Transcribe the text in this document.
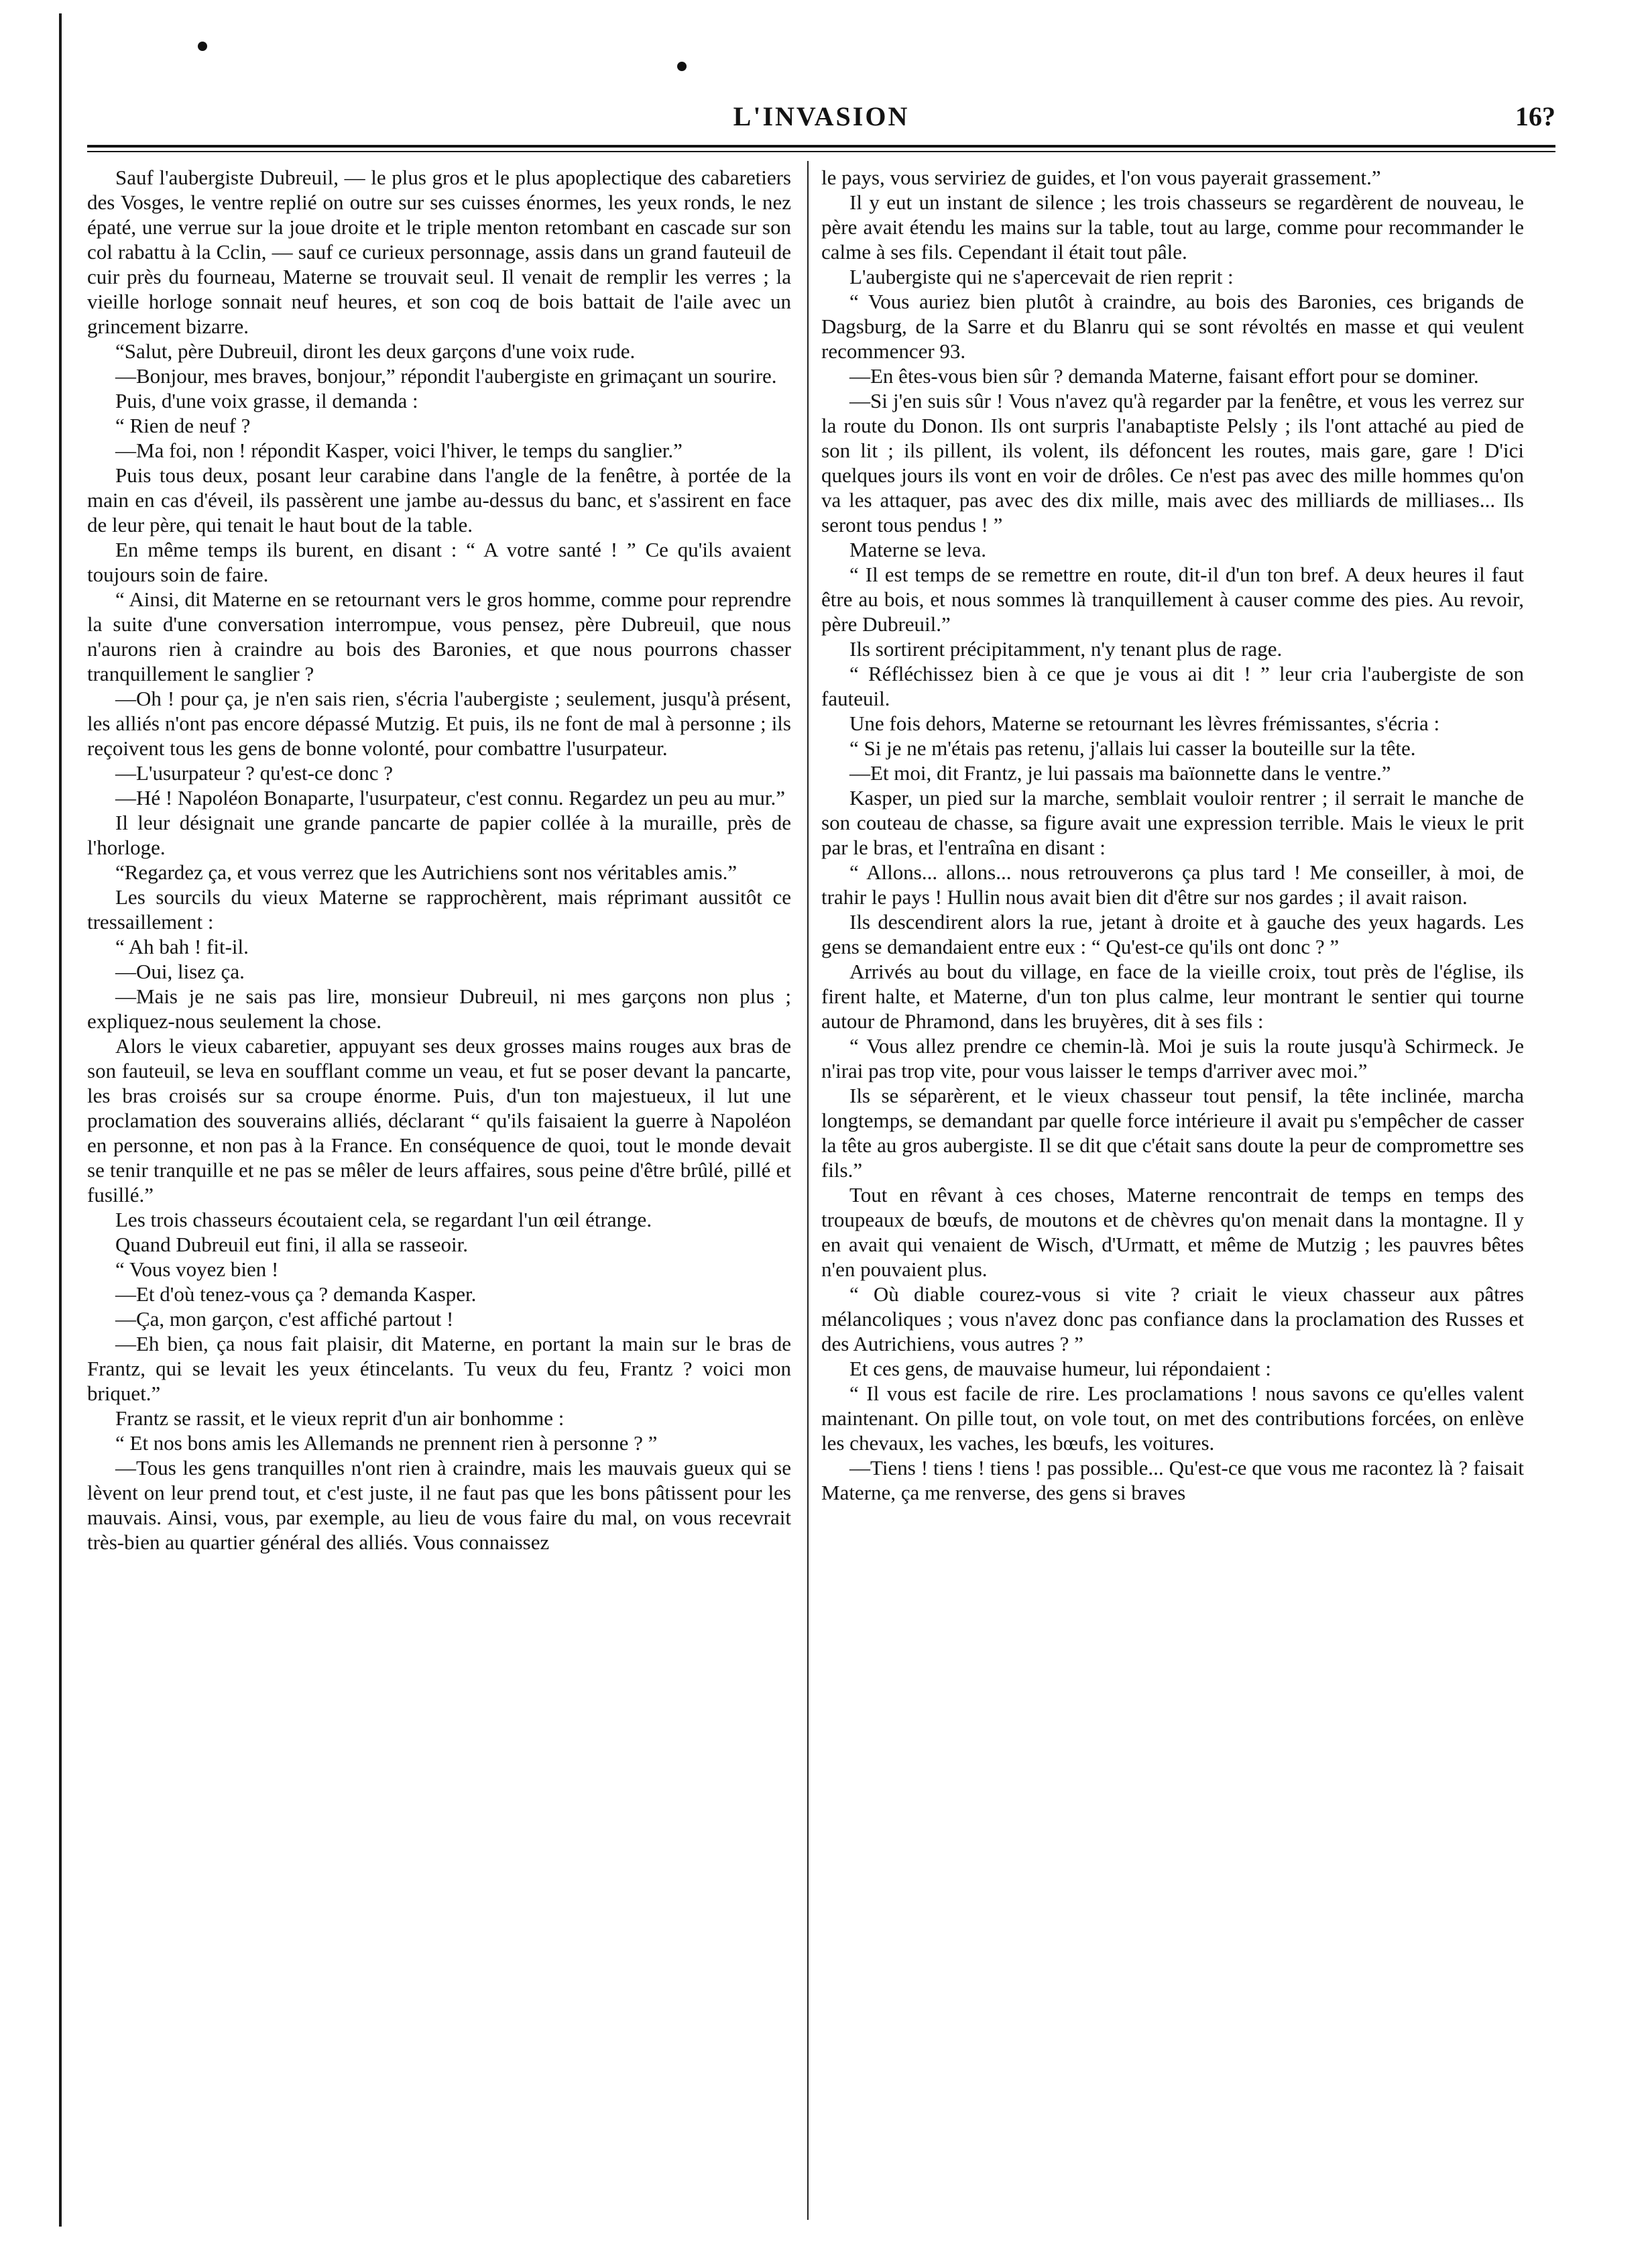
L'INVASION	16?

Sauf l'aubergiste Dubreuil, — le plus gros et le plus apoplectique des cabaretiers des Vosges, le ventre replié on outre sur ses cuisses énormes, les yeux ronds, le nez épaté, une verrue sur la joue droite et le triple menton retombant en cascade sur son col rabattu à la Cclin, — sauf ce curieux personnage, assis dans un grand fauteuil de cuir près du fourneau, Materne se trouvait seul. Il venait de remplir les verres ; la vieille horloge sonnait neuf heures, et son coq de bois battait de l'aile avec un grincement bizarre.

“Salut, père Dubreuil, diront les deux garçons d'une voix rude.

—Bonjour, mes braves, bonjour,” répondit l'aubergiste en grimaçant un sourire.

Puis, d'une voix grasse, il demanda :

“ Rien de neuf ?

—Ma foi, non ! répondit Kasper, voici l'hiver, le temps du sanglier.”

Puis tous deux, posant leur carabine dans l'angle de la fenêtre, à portée de la main en cas d'éveil, ils passèrent une jambe au-dessus du banc, et s'assirent en face de leur père, qui tenait le haut bout de la table.

En même temps ils burent, en disant : “ A votre santé ! ” Ce qu'ils avaient toujours soin de faire.

“ Ainsi, dit Materne en se retournant vers le gros homme, comme pour reprendre la suite d'une conversation interrompue, vous pensez, père Dubreuil, que nous n'aurons rien à craindre au bois des Baronies, et que nous pourrons chasser tranquillement le sanglier ?

—Oh ! pour ça, je n'en sais rien, s'écria l'aubergiste ; seulement, jusqu'à présent, les alliés n'ont pas encore dépassé Mutzig. Et puis, ils ne font de mal à personne ; ils reçoivent tous les gens de bonne volonté, pour combattre l'usurpateur.

—L'usurpateur ? qu'est-ce donc ?

—Hé ! Napoléon Bonaparte, l'usurpateur, c'est connu. Regardez un peu au mur.”

Il leur désignait une grande pancarte de papier collée à la muraille, près de l'horloge.

“Regardez ça, et vous verrez que les Autrichiens sont nos véritables amis.”

Les sourcils du vieux Materne se rapprochèrent, mais réprimant aussitôt ce tressaillement :

“ Ah bah ! fit-il.

—Oui, lisez ça.

—Mais je ne sais pas lire, monsieur Dubreuil, ni mes garçons non plus ; expliquez-nous seulement la chose.

Alors le vieux cabaretier, appuyant ses deux grosses mains rouges aux bras de son fauteuil, se leva en soufflant comme un veau, et fut se poser devant la pancarte, les bras croisés sur sa croupe énorme. Puis, d'un ton majestueux, il lut une proclamation des souverains alliés, déclarant “ qu'ils faisaient la guerre à Napoléon en personne, et non pas à la France. En conséquence de quoi, tout le monde devait se tenir tranquille et ne pas se mêler de leurs affaires, sous peine d'être brûlé, pillé et fusillé.”

Les trois chasseurs écoutaient cela, se regardant l'un œil étrange.

Quand Dubreuil eut fini, il alla se rasseoir.

“ Vous voyez bien !

—Et d'où tenez-vous ça ? demanda Kasper.

—Ça, mon garçon, c'est affiché partout !

—Eh bien, ça nous fait plaisir, dit Materne, en portant la main sur le bras de Frantz, qui se levait les yeux étincelants. Tu veux du feu, Frantz ? voici mon briquet.”

Frantz se rassit, et le vieux reprit d'un air bonhomme :

“ Et nos bons amis les Allemands ne prennent rien à personne ? ”

—Tous les gens tranquilles n'ont rien à craindre, mais les mauvais gueux qui se lèvent on leur prend tout, et c'est juste, il ne faut pas que les bons pâtissent pour les mauvais. Ainsi, vous, par exemple, au lieu de vous faire du mal, on vous recevrait très-bien au quartier général des alliés. Vous connaissez

le pays, vous serviriez de guides, et l'on vous payerait grassement.”

Il y eut un instant de silence ; les trois chasseurs se regardèrent de nouveau, le père avait étendu les mains sur la table, tout au large, comme pour recommander le calme à ses fils. Cependant il était tout pâle.

L'aubergiste qui ne s'apercevait de rien reprit :

“ Vous auriez bien plutôt à craindre, au bois des Baronies, ces brigands de Dagsburg, de la Sarre et du Blanru qui se sont révoltés en masse et qui veulent recommencer 93.

—En êtes-vous bien sûr ? demanda Materne, faisant effort pour se dominer.

—Si j'en suis sûr ! Vous n'avez qu'à regarder par la fenêtre, et vous les verrez sur la route du Donon. Ils ont surpris l'anabaptiste Pelsly ; ils l'ont attaché au pied de son lit ; ils pillent, ils volent, ils défoncent les routes, mais gare, gare ! D'ici quelques jours ils vont en voir de drôles. Ce n'est pas avec des mille hommes qu'on va les attaquer, pas avec des dix mille, mais avec des milliards de milliases... Ils seront tous pendus ! ”

Materne se leva.

“ Il est temps de se remettre en route, dit-il d'un ton bref. A deux heures il faut être au bois, et nous sommes là tranquillement à causer comme des pies. Au revoir, père Dubreuil.”

Ils sortirent précipitamment, n'y tenant plus de rage.

“ Réfléchissez bien à ce que je vous ai dit ! ” leur cria l'aubergiste de son fauteuil.

Une fois dehors, Materne se retournant les lèvres frémissantes, s'écria :

“ Si je ne m'étais pas retenu, j'allais lui casser la bouteille sur la tête.

—Et moi, dit Frantz, je lui passais ma baïonnette dans le ventre.”

Kasper, un pied sur la marche, semblait vouloir rentrer ; il serrait le manche de son couteau de chasse, sa figure avait une expression terrible. Mais le vieux le prit par le bras, et l'entraîna en disant :

“ Allons... allons... nous retrouverons ça plus tard ! Me conseiller, à moi, de trahir le pays ! Hullin nous avait bien dit d'être sur nos gardes ; il avait raison.

Ils descendirent alors la rue, jetant à droite et à gauche des yeux hagards. Les gens se demandaient entre eux : “ Qu'est-ce qu'ils ont donc ? ”

Arrivés au bout du village, en face de la vieille croix, tout près de l'église, ils firent halte, et Materne, d'un ton plus calme, leur montrant le sentier qui tourne autour de Phramond, dans les bruyères, dit à ses fils :

“ Vous allez prendre ce chemin-là. Moi je suis la route jusqu'à Schirmeck. Je n'irai pas trop vite, pour vous laisser le temps d'arriver avec moi.”

Ils se séparèrent, et le vieux chasseur tout pensif, la tête inclinée, marcha longtemps, se demandant par quelle force intérieure il avait pu s'empêcher de casser la tête au gros aubergiste. Il se dit que c'était sans doute la peur de compromettre ses fils.”

Tout en rêvant à ces choses, Materne rencontrait de temps en temps des troupeaux de bœufs, de moutons et de chèvres qu'on menait dans la montagne. Il y en avait qui venaient de Wisch, d'Urmatt, et même de Mutzig ; les pauvres bêtes n'en pouvaient plus.

“ Où diable courez-vous si vite ? criait le vieux chasseur aux pâtres mélancoliques ; vous n'avez donc pas confiance dans la proclamation des Russes et des Autrichiens, vous autres ? ”

Et ces gens, de mauvaise humeur, lui répondaient :

“ Il vous est facile de rire. Les proclamations ! nous savons ce qu'elles valent maintenant. On pille tout, on vole tout, on met des contributions forcées, on enlève les chevaux, les vaches, les bœufs, les voitures.

—Tiens ! tiens ! tiens ! pas possible... Qu'est-ce que vous me racontez là ? faisait Materne, ça me renverse, des gens si braves
